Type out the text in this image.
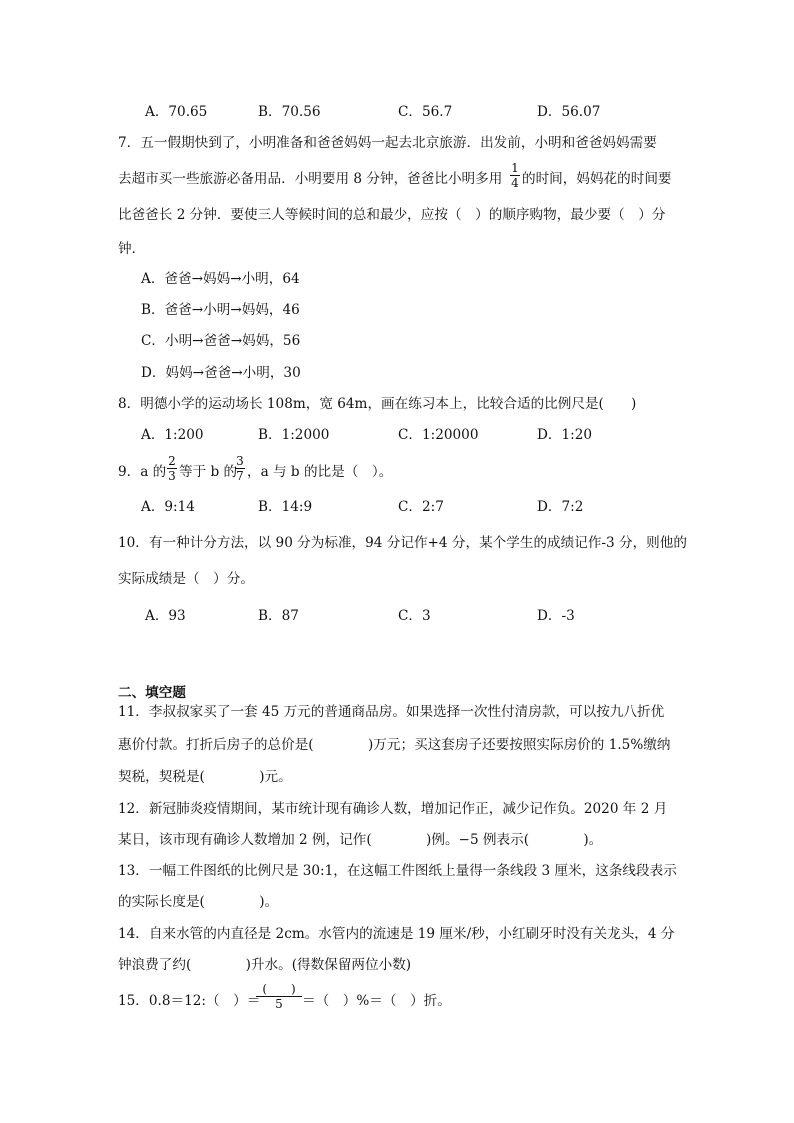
A．70.65	B．70.56	C．56.7	D．56.07
7．五一假期快到了，小明准备和爸爸妈妈一起去北京旅游．出发前，小明和爸爸妈妈需要
去超市买一些旅游必备用品．小明要用 8 分钟，爸爸比小明多用
1
4 的时间，妈妈花的时间要
比爸爸长 2 分钟．要使三人等候时间的总和最少，应按（　）的顺序购物，最少要（　）分
钟．
A．爸爸→妈妈→小明，64
B．爸爸→小明→妈妈，46
C．小明→爸爸→妈妈，56
D．妈妈→爸爸→小明，30
8．明德小学的运动场长 108m，宽 64m，画在练习本上，比较合适的比例尺是(　　)
A．1:200	B．1:2000	C．1:20000	D．1:20
9．a 的
2
3 等于 b 的
3
7 ，a 与 b 的比是（　）。
A．9:14	B．14:9	C．2:7	D．7:2
10．有一种计分方法，以 90 分为标准，94 分记作+4 分，某个学生的成绩记作-3 分，则他的
实际成绩是（　）分。
A．93	B．87	C．3	D．-3
二、填空题
11．李叔叔家买了一套 45 万元的普通商品房。如果选择一次性付清房款，可以按九八折优
惠价付款。打折后房子的总价是(　　　　)万元；买这套房子还要按照实际房价的 1.5%缴纳
契税，契税是(　　　　)元。
12．新冠肺炎疫情期间，某市统计现有确诊人数，增加记作正，减少记作负。2020 年 2 月
某日，该市现有确诊人数增加 2 例，记作(　　　　)例。−5 例表示(　　　　)。
13．一幅工件图纸的比例尺是 30:1，在这幅工件图纸上量得一条线段 3 厘米，这条线段表示
的实际长度是(　　　　)。
14．自来水管的内直径是 2cm。水管内的流速是 19 厘米/秒，小红刷牙时没有关龙头，4 分
钟浪费了约(　　　　)升水。(得数保留两位小数)
15．0.8＝12:（　）＝
(　　)
5	＝（　）%＝（　）折。
